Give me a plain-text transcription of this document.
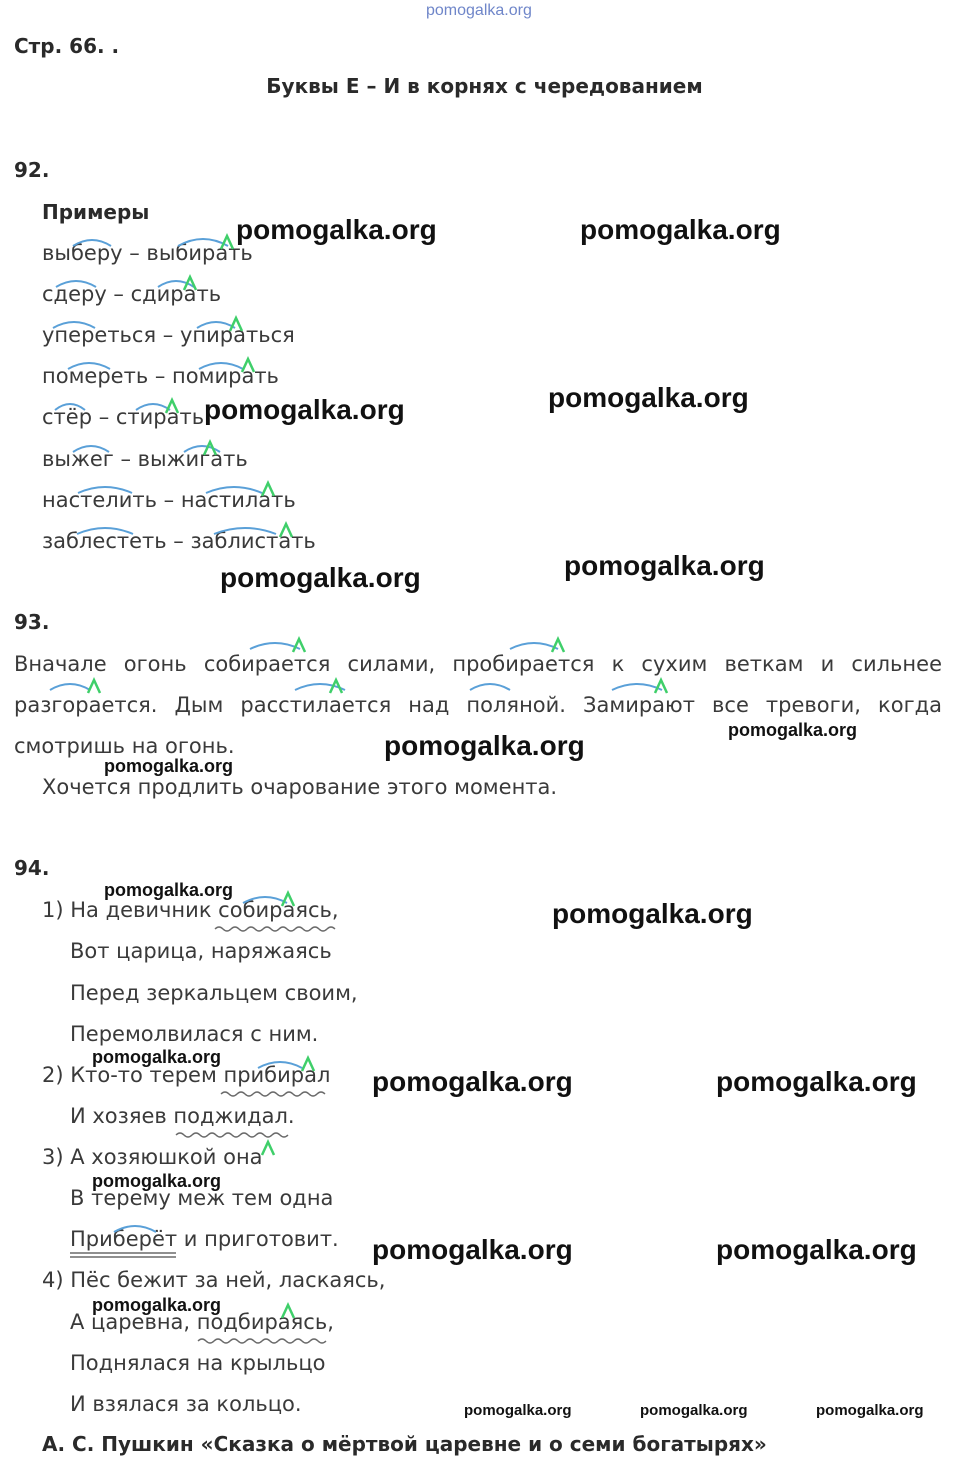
pomogalka.org
Стр. 66. .
Буквы Е – И в корнях с чередованием
92.
Примеры
выберу – выбирать
сдеру – сдирать
упереться – упираться
помереть – помирать
стёр – стирать
выжег – выжигать
настелить – настилать
заблестеть – заблистать
93.
Вначале огонь собирается силами, пробирается к сухим веткам и сильнее
разгорается. Дым расстилается над поляной. Замирают все тревоги, когда
смотришь на огонь.
Хочется продлить очарование этого момента.
94.
1) На девичник собираясь,
Вот царица, наряжаясь
Перед зеркальцем своим,
Перемолвилася с ним.
2) Кто-то терем прибирал
И хозяев поджидал.
3) А хозяюшкой она
В терему меж тем одна
Приберёт и приготовит.
4) Пёс бежит за ней, ласкаясь,
А царевна, подбираясь,
Поднялася на крыльцо
И взялася за кольцо.
А. С. Пушкин «Сказка о мёртвой царевне и о семи богатырях»
pomogalka.org	pomogalka.org
pomogalka.org
pomogalka.org
pomogalka.org
pomogalka.org
pomogalka.org	pomogalka.org
pomogalka.org
pomogalka.org
pomogalka.org
pomogalka.org
pomogalka.org	pomogalka.org
pomogalka.org
pomogalka.org	pomogalka.org
pomogalka.org
pomogalka.org	pomogalka.org	pomogalka.org
